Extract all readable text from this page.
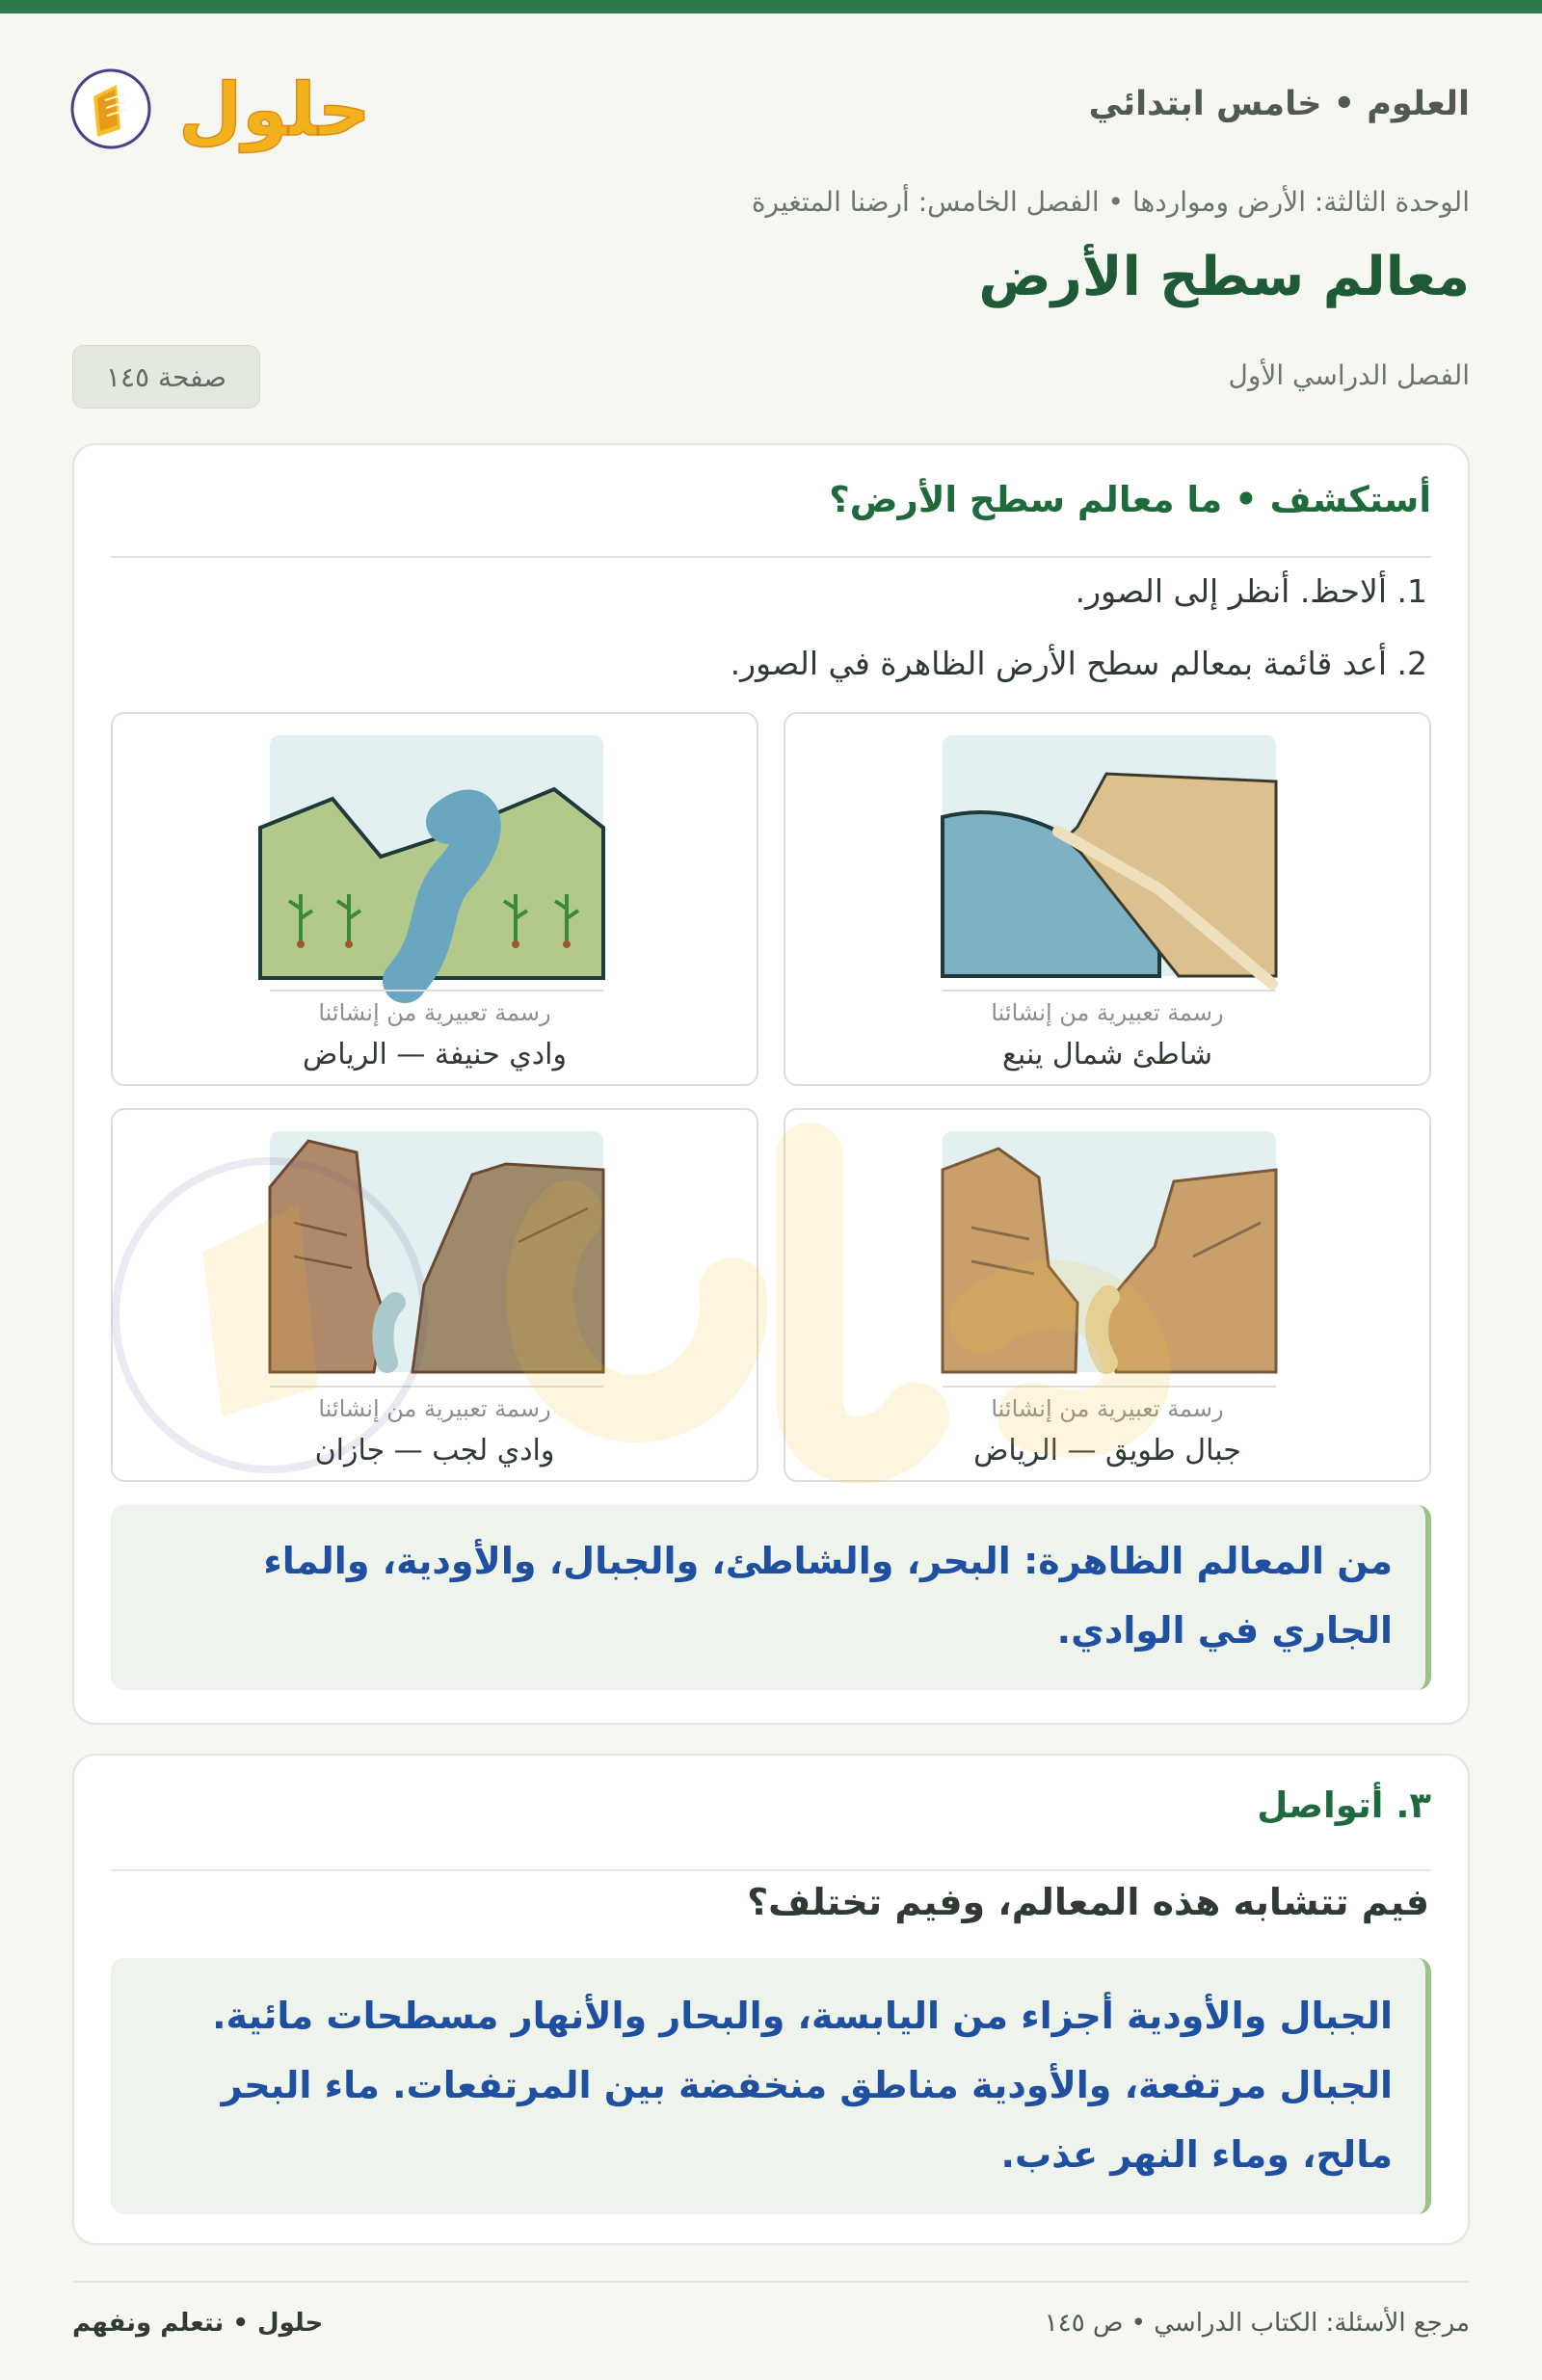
العلوم • خامس ابتدائي
حلول
الوحدة الثالثة: الأرض ومواردها • الفصل الخامس: أرضنا المتغيرة
معالم سطح الأرض
الفصل الدراسي الأول
صفحة ١٤٥
أستكشف • ما معالم سطح الأرض؟
1. ألاحظ. أنظر إلى الصور.
2. أعد قائمة بمعالم سطح الأرض الظاهرة في الصور.
رسمة تعبيرية من إنشائنا
شاطئ شمال ينبع
رسمة تعبيرية من إنشائنا
وادي حنيفة — الرياض
رسمة تعبيرية من إنشائنا
جبال طويق — الرياض
رسمة تعبيرية من إنشائنا
وادي لجب — جازان
من المعالم الظاهرة: البحر، والشاطئ، والجبال، والأودية، والماء الجاري في الوادي.
٣. أتواصل
فيم تتشابه هذه المعالم، وفيم تختلف؟
الجبال والأودية أجزاء من اليابسة، والبحار والأنهار مسطحات مائية. الجبال مرتفعة، والأودية مناطق منخفضة بين المرتفعات. ماء البحر مالح، وماء النهر عذب.
مرجع الأسئلة: الكتاب الدراسي • ص ١٤٥
حلول • نتعلم ونفهم
